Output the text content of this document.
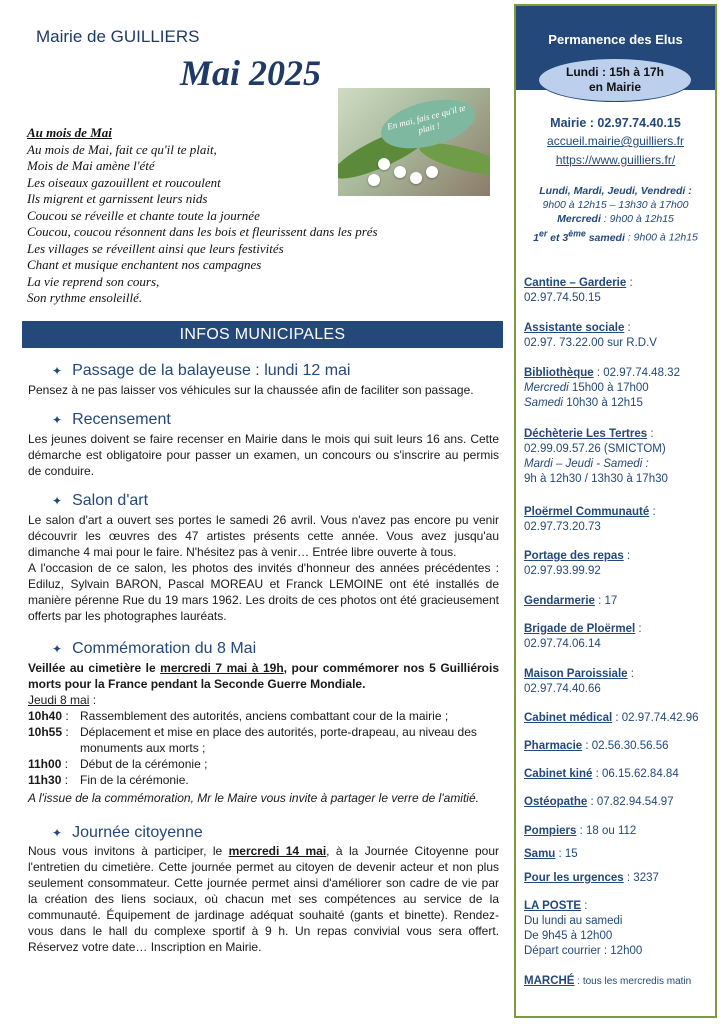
Mairie de GUILLIERS
Mai 2025
En mai, fais ce qu'il te plait !
Au mois de Mai
Au mois de Mai, fait ce qu'il te plait,
Mois de Mai amène l'été
Les oiseaux gazouillent et roucoulent
Ils migrent et garnissent leurs nids
Coucou se réveille et chante toute la journée
Coucou, coucou résonnent dans les bois et fleurissent dans les prés
Les villages se réveillent ainsi que leurs festivités
Chant et musique enchantent nos campagnes
La vie reprend son cours,
Son rythme ensoleillé.
INFOS MUNICIPALES
✦ Passage de la balayeuse : lundi 12 mai
Pensez à ne pas laisser vos véhicules sur la chaussée afin de faciliter son passage.
✦ Recensement
Les jeunes doivent se faire recenser en Mairie dans le mois qui suit leurs 16 ans. Cette démarche est obligatoire pour passer un examen, un concours ou s'inscrire au permis de conduire.
✦ Salon d'art
Le salon d'art a ouvert ses portes le samedi 26 avril. Vous n'avez pas encore pu venir découvrir les œuvres des 47 artistes présents cette année. Vous avez jusqu'au dimanche 4 mai pour le faire. N'hésitez pas à venir… Entrée libre ouverte à tous.
A l'occasion de ce salon, les photos des invités d'honneur des années précédentes : Ediluz, Sylvain BARON, Pascal MOREAU et Franck LEMOINE ont été installés de manière pérenne Rue du 19 mars 1962. Les droits de ces photos ont été gracieusement offerts par les photographes lauréats.
✦ Commémoration du 8 Mai
Veillée au cimetière le mercredi 7 mai à 19h, pour commémorer nos 5 Guilliérois morts pour la France pendant la Seconde Guerre Mondiale.
Jeudi 8 mai :
10h40 : Rassemblement des autorités, anciens combattant cour de la mairie ;
10h55 : Déplacement et mise en place des autorités, porte-drapeau, au niveau des monuments aux morts ;
11h00 : Début de la cérémonie ;
11h30 : Fin de la cérémonie.
A l'issue de la commémoration, Mr le Maire vous invite à partager le verre de l'amitié.
✦ Journée citoyenne
Nous vous invitons à participer, le mercredi 14 mai, à la Journée Citoyenne pour l'entretien du cimetière. Cette journée permet au citoyen de devenir acteur et non plus seulement consommateur. Cette journée permet ainsi d'améliorer son cadre de vie par la création des liens sociaux, où chacun met ses compétences au service de la communauté. Équipement de jardinage adéquat souhaité (gants et binette). Rendez-vous dans le hall du complexe sportif à 9 h. Un repas convivial vous sera offert. Réservez votre date… Inscription en Mairie.
Permanence des Elus
Lundi : 15h à 17h
en Mairie
Mairie : 02.97.74.40.15
accueil.mairie@guilliers.fr
https://www.guilliers.fr/
Lundi, Mardi, Jeudi, Vendredi :
9h00 à 12h15 – 13h30 à 17h00
Mercredi : 9h00 à 12h15
1er et 3ème samedi : 9h00 à 12h15
Cantine – Garderie :
02.97.74.50.15
Assistante sociale :
02.97. 73.22.00 sur R.D.V
Bibliothèque : 02.97.74.48.32
Mercredi 15h00 à 17h00
Samedi 10h30 à 12h15
Déchèterie Les Tertres :
02.99.09.57.26 (SMICTOM)
Mardi – Jeudi - Samedi :
9h à 12h30 / 13h30 à 17h30
Ploërmel Communauté :
02.97.73.20.73
Portage des repas :
02.97.93.99.92
Gendarmerie : 17
Brigade de Ploërmel :
02.97.74.06.14
Maison Paroissiale :
02.97.74.40.66
Cabinet médical : 02.97.74.42.96
Pharmacie : 02.56.30.56.56
Cabinet kiné : 06.15.62.84.84
Ostéopathe : 07.82.94.54.97
Pompiers : 18 ou 112
Samu : 15
Pour les urgences : 3237
LA POSTE :
Du lundi au samedi
De 9h45 à 12h00
Départ courrier : 12h00
MARCHÉ : tous les mercredis matin
